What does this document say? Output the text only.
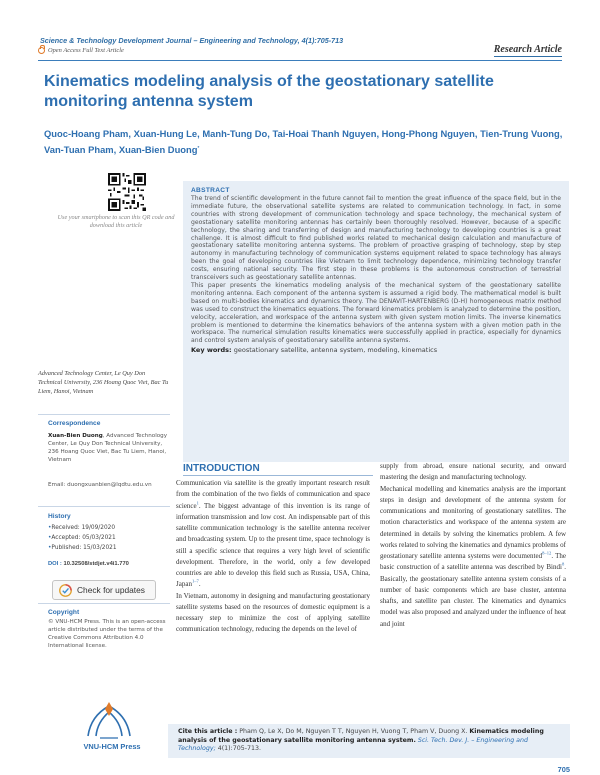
Science & Technology Development Journal – Engineering and Technology, 4(1):705-713
Open Access Full Text Article	Research Article
Kinematics modeling analysis of the geostationary satellite monitoring antenna system
Quoc-Hoang Pham, Xuan-Hung Le, Manh-Tung Do, Tai-Hoai Thanh Nguyen, Hong-Phong Nguyen, Tien-Trung Vuong, Van-Tuan Pham, Xuan-Bien Duong*
Use your smartphone to scan this QR code and download this article
ABSTRACT

The trend of scientific development in the future cannot fail to mention the great influence of the space field, but in the immediate future, the observational satellite systems are related to communication technology. In fact, in some countries with strong development of communication technology and space technology, the mechanical system of geostationary satellite monitoring antennas has certainly been thoroughly resolved. However, because of a specific technology, the sharing and transferring of design and manufacturing technology to developing countries is a great challenge. It is almost difficult to find published works related to mechanical design calculation and manufacture of geostationary satellite monitoring antenna systems. The problem of proactive grasping of technology, step by step autonomy in manufacturing technology of communication systems equipment related to space technology has always been the goal of developing countries like Vietnam to limit technology dependence, minimizing technology transfer costs, ensuring national security. The first step in these problems is the autonomous construction of terrestrial transceivers such as geostationary satellite antennas.

This paper presents the kinematics modeling analysis of the mechanical system of the geostationary satellite monitoring antenna. Each component of the antenna system is assumed a rigid body. The mathematical model is built based on multi-bodies kinematics and dynamics theory. The DENAVIT-HARTENBERG (D-H) homogeneous matrix method was used to construct the kinematics equations. The forward kinematics problem is analyzed to determine the position, velocity, acceleration, and workspace of the antenna system with given system motion limits. The inverse kinematics problem is mentioned to determine the kinematics behaviors of the antenna system with a given motion path in the workspace. The numerical simulation results kinematics were successfully applied in practice, especially for dynamics and control system analysis of geostationary satellite antenna systems.

Key words: geostationary satellite, antenna system, modeling, kinematics
Advanced Technology Center, Le Quy Don Technical University, 236 Hoang Quoc Viet, Bac Tu Liem, Hanoi, Vietnam
Correspondence
Xuan-Bien Duong, Advanced Technology Center, Le Quy Don Technical University, 236 Hoang Quoc Viet, Bac Tu Liem, Hanoi, Vietnam
Email: duongxuanbien@lqdtu.edu.vn
History
• Received: 19/09/2020
• Accepted: 05/03/2021
• Published: 15/03/2021
DOI : 10.32508/stdjet.v4i1.770
Check for updates
Copyright
© VNU-HCM Press. This is an open-access article distributed under the terms of the Creative Commons Attribution 4.0 International license.
VNU-HCM Press
INTRODUCTION

Communication via satellite is the greatly important research result from the combination of the two fields of communication and space science$^1$. The biggest advantage of this invention is its range of information transmission and low cost. An indispensable part of this satellite communication technology is the satellite antenna receiver and broadcasting system. Up to the present time, space technology is still a specific science that requires a very high level of scientific development. Therefore, in the world, only a few developed countries are able to develop this field such as Russia, USA, China, Japan$^{1-7}$.

In Vietnam, autonomy in designing and manufacturing geostationary satellite systems based on the resources of domestic equipment is a necessary step to minimize the cost of applying satellite communication technology, reducing the depends on the level of

supply from abroad, ensure national security, and onward mastering the design and manufacturing technology.

Mechanical modelling and kinematics analysis are the important steps in design and development of the antenna system for communications and monitoring of geostationary satellites. The motion characteristics and workspace of the antenna system are determined in details by solving the kinematics problem. A few works related to solving the kinematics and dynamics problems of geostationary satellite antenna systems were documented$^{8-12}$. The basic construction of a satellite antenna was described by Bindi$^8$. Basically, the geostationary satellite antenna system consists of a number of basic components which are base cluster, antenna shafts, and satellite pan cluster. The kinematics and dynamics model was also proposed and analyzed under the influence of heat and joint

Cite this article : Pham Q, Le X, Do M, Nguyen T T, Nguyen H, Vuong T, Pham V, Duong X. Kinematics modeling analysis of the geostationary satellite monitoring antenna system. Sci. Tech. Dev. J. – Engineering and Technology; 4(1):705-713.
705
